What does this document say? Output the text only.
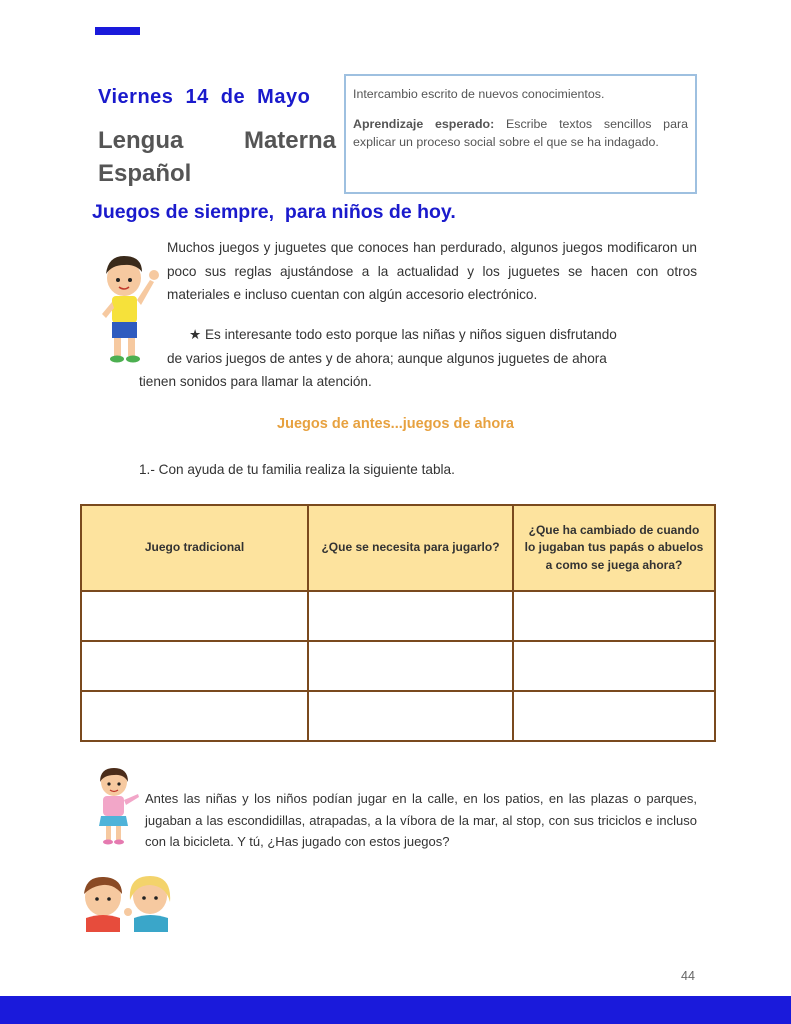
Viernes 14 de Mayo
Lengua	Materna
Español

Intercambio escrito de nuevos conocimientos.

Aprendizaje esperado: Escribe textos sencillos para explicar un proceso social sobre el que se ha indagado.

Juegos de siempre,  para niños de hoy.
Muchos juegos y juguetes que conoces han perdurado, algunos juegos modificaron un poco sus reglas ajustándose a la actualidad y los juguetes se hacen con otros materiales e incluso cuentan con algún accesorio electrónico.
★ Es interesante todo esto porque las niñas y niños siguen disfrutando
de varios juegos de antes y de ahora; aunque algunos juguetes de ahora
tienen sonidos para llamar la atención.
Juegos de antes...juegos de ahora
1.- Con ayuda de tu familia realiza la siguiente tabla.
Juego tradicional	¿Que se necesita para jugarlo?	¿Que ha cambiado de cuando lo jugaban tus papás o abuelos a como se juega ahora?

Antes las niñas y los niños podían jugar en la calle, en los patios, en las plazas o parques, jugaban a las escondidillas, atrapadas, a la víbora de la mar, al stop, con sus triciclos e incluso con la bicicleta. Y tú, ¿Has jugado con estos juegos?
44
